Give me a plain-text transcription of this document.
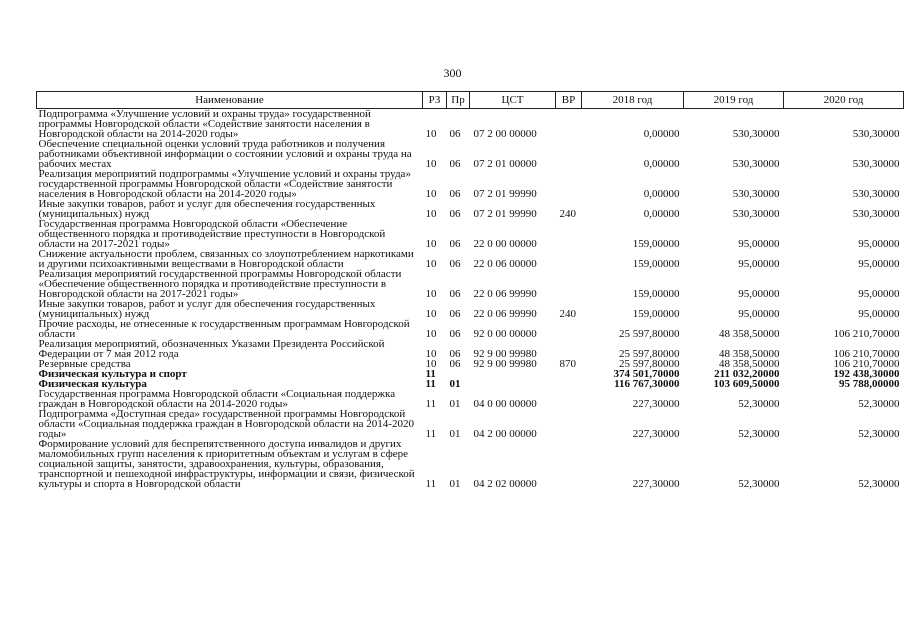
300
Наименование	РЗ	Пр	ЦСТ	ВР	2018 год	2019 год	2020 год
Подпрограмма «Улучшение условий и охраны труда» государственной программы Новгородской области «Содействие занятости населения в Новгородской области на 2014-2020 годы»	10	06	07 2 00 00000		0,00000	530,30000	530,30000
Обеспечение специальной оценки условий труда работников и получения работниками объективной информации о состоянии условий и охраны труда на рабочих местах	10	06	07 2 01 00000		0,00000	530,30000	530,30000
Реализация мероприятий подпрограммы «Улучшение условий и охраны труда» государственной программы Новгородской области «Содействие занятости населения в Новгородской области на 2014-2020 годы»	10	06	07 2 01 99990		0,00000	530,30000	530,30000
Иные закупки товаров, работ и услуг для обеспечения государственных (муниципальных) нужд	10	06	07 2 01 99990	240	0,00000	530,30000	530,30000
Государственная программа Новгородской области «Обеспечение общественного порядка и противодействие преступности в Новгородской области на 2017-2021 годы»	10	06	22 0 00 00000		159,00000	95,00000	95,00000
Снижение актуальности проблем, связанных со злоупотреблением наркотиками и другими психоактивными веществами в Новгородской области	10	06	22 0 06 00000		159,00000	95,00000	95,00000
Реализация мероприятий государственной программы Новгородской области «Обеспечение общественного порядка и противодействие преступности в Новгородской области на 2017-2021 годы»	10	06	22 0 06 99990		159,00000	95,00000	95,00000
Иные закупки товаров, работ и услуг для обеспечения государственных (муниципальных) нужд	10	06	22 0 06 99990	240	159,00000	95,00000	95,00000
Прочие расходы, не отнесенные к государственным программам Новгородской области	10	06	92 0 00 00000		25 597,80000	48 358,50000	106 210,70000
Реализация мероприятий, обозначенных Указами Президента Российской Федерации от 7 мая 2012 года	10	06	92 9 00 99980		25 597,80000	48 358,50000	106 210,70000
Резервные средства	10	06	92 9 00 99980	870	25 597,80000	48 358,50000	106 210,70000
Физическая культура и спорт	11				374 501,70000	211 032,20000	192 438,30000
Физическая культура	11	01			116 767,30000	103 609,50000	95 788,00000
Государственная программа Новгородской области «Социальная поддержка граждан в Новгородской области на 2014-2020 годы»	11	01	04 0 00 00000		227,30000	52,30000	52,30000
Подпрограмма «Доступная среда» государственной программы Новгородской области «Социальная поддержка граждан в Новгородской области на 2014-2020 годы»	11	01	04 2 00 00000		227,30000	52,30000	52,30000
Формирование условий для беспрепятственного доступа инвалидов и других маломобильных групп населения к приоритетным объектам и услугам в сфере социальной защиты, занятости, здравоохранения, культуры, образования, транспортной и пешеходной инфраструктуры, информации и связи, физической культуры и спорта в Новгородской области	11	01	04 2 02 00000		227,30000	52,30000	52,30000
